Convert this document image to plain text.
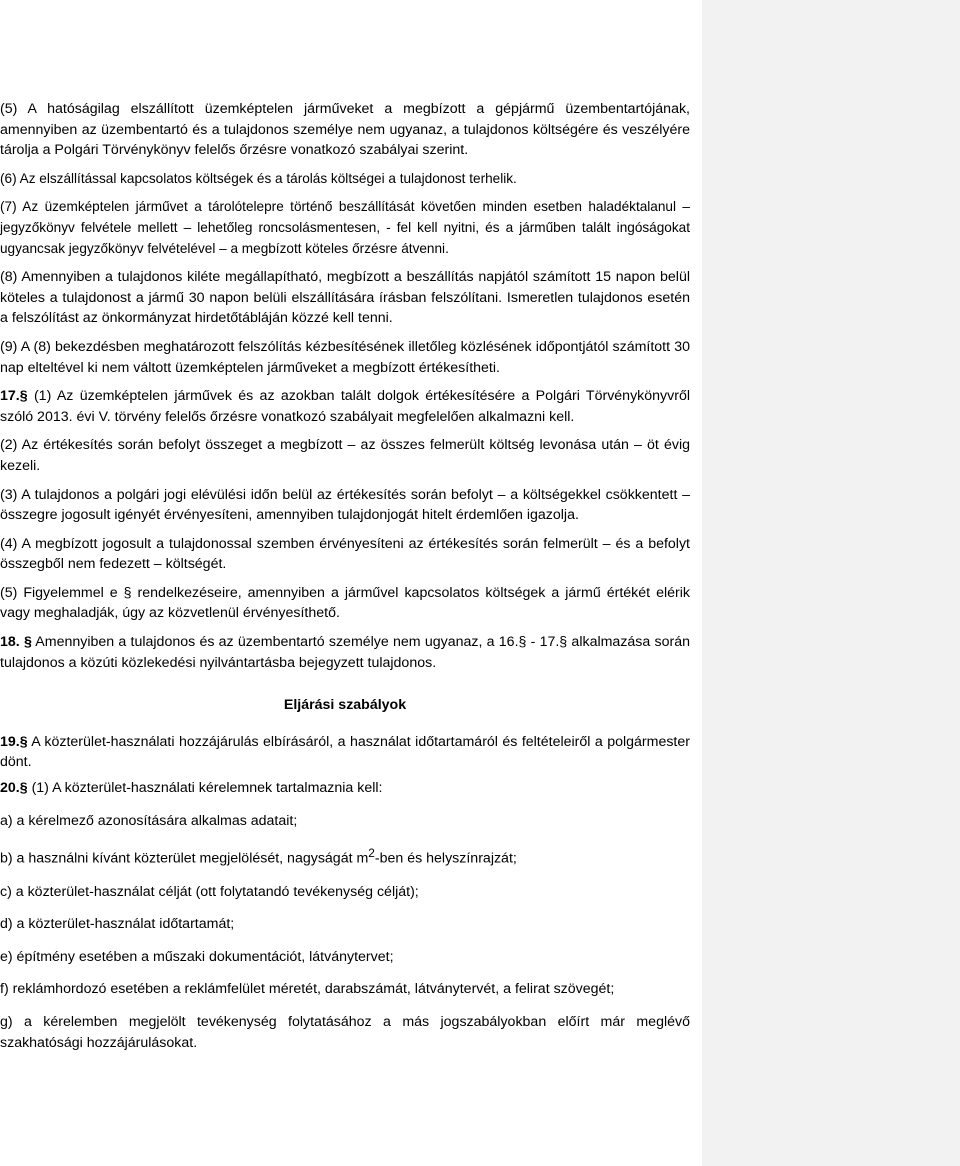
(5) A hatóságilag elszállított üzemképtelen járműveket a megbízott a gépjármű üzembentartójának, amennyiben az üzembentartó és a tulajdonos személye nem ugyanaz, a tulajdonos költségére és veszélyére tárolja a Polgári Törvénykönyv felelős őrzésre vonatkozó szabályai szerint.

(6) Az elszállítással kapcsolatos költségek és a tárolás költségei a tulajdonost terhelik.

(7) Az üzemképtelen járművet a tárolótelepre történő beszállítását követően minden esetben haladéktalanul – jegyzőkönyv felvétele mellett – lehetőleg roncsolásmentesen, - fel kell nyitni, és a járműben talált ingóságokat ugyancsak jegyzőkönyv felvételével – a megbízott köteles őrzésre átvenni.

(8) Amennyiben a tulajdonos kiléte megállapítható, megbízott a beszállítás napjától számított 15 napon belül köteles a tulajdonost a jármű 30 napon belüli elszállítására írásban felszólítani. Ismeretlen tulajdonos esetén a felszólítást az önkormányzat hirdetőtábláján közzé kell tenni.

(9) A (8) bekezdésben meghatározott felszólítás kézbesítésének illetőleg közlésének időpontjától számított 30 nap elteltével ki nem váltott üzemképtelen járműveket a megbízott értékesítheti.

17.§ (1) Az üzemképtelen járművek és az azokban talált dolgok értékesítésére a Polgári Törvénykönyvről szóló 2013. évi V. törvény felelős őrzésre vonatkozó szabályait megfelelően alkalmazni kell.

(2) Az értékesítés során befolyt összeget a megbízott – az összes felmerült költség levonása után – öt évig kezeli.

(3) A tulajdonos a polgári jogi elévülési időn belül az értékesítés során befolyt – a költségekkel csökkentett – összegre jogosult igényét érvényesíteni, amennyiben tulajdonjogát hitelt érdemlően igazolja.

(4) A megbízott jogosult a tulajdonossal szemben érvényesíteni az értékesítés során felmerült – és a befolyt összegből nem fedezett – költségét.

(5) Figyelemmel e § rendelkezéseire, amennyiben a járművel kapcsolatos költségek a jármű értékét elérik vagy meghaladják, úgy az közvetlenül érvényesíthető.

18. § Amennyiben a tulajdonos és az üzembentartó személye nem ugyanaz, a 16.§ - 17.§ alkalmazása során tulajdonos a közúti közlekedési nyilvántartásba bejegyzett tulajdonos.

Eljárási szabályok

19.§ A közterület-használati hozzájárulás elbírásáról, a használat időtartamáról és feltételeiről a polgármester dönt.

20.§ (1) A közterület-használati kérelemnek tartalmaznia kell:

a) a kérelmező azonosítására alkalmas adatait;

b) a használni kívánt közterület megjelölését, nagyságát $m^2$-ben és helyszínrajzát;

c) a közterület-használat célját (ott folytatandó tevékenység célját);

d) a közterület-használat időtartamát;

e) építmény esetében a műszaki dokumentációt, látványtervet;

f) reklámhordozó esetében a reklámfelület méretét, darabszámát, látványtervét, a felirat szövegét;

g) a kérelemben megjelölt tevékenység folytatásához a más jogszabályokban előírt már meglévő szakhatósági hozzájárulásokat.
